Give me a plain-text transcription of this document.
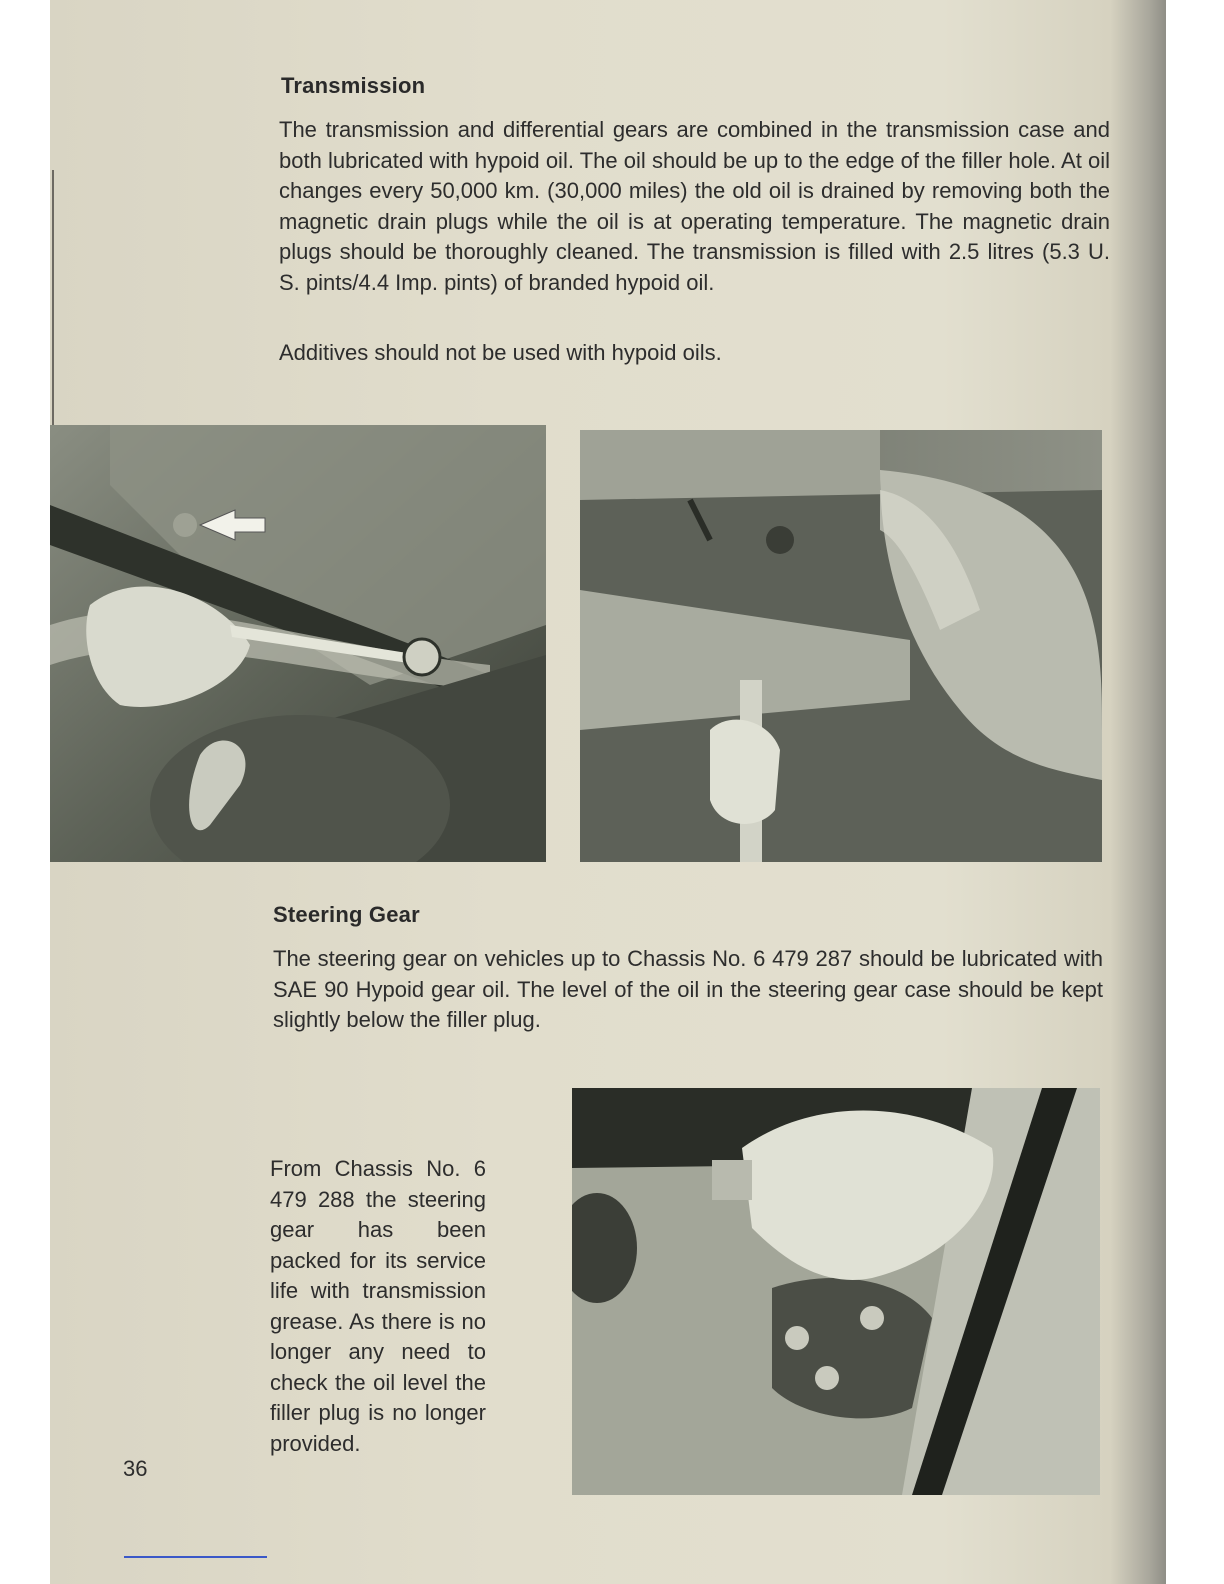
Transmission

The transmission and differential gears are combined in the transmission case and both lubricated with hypoid oil. The oil should be up to the edge of the filler hole. At oil changes every 50,000 km. (30,000 miles) the old oil is drained by removing both the magnetic drain plugs while the oil is at operating temperature. The magnetic drain plugs should be thoroughly cleaned. The transmission is filled with 2.5 litres (5.3 U. S. pints/4.4 Imp. pints) of branded hypoid oil.

Additives should not be used with hypoid oils.

Steering Gear

The steering gear on vehicles up to Chassis No. 6 479 287 should be lubricated with SAE 90 Hypoid gear oil. The level of the oil in the steering gear case should be kept slightly below the filler plug.

From Chassis No. 6 479 288 the steering gear has been packed for its service life with transmission grease. As there is no longer any need to check the oil level the filler plug is no longer provided.

36
